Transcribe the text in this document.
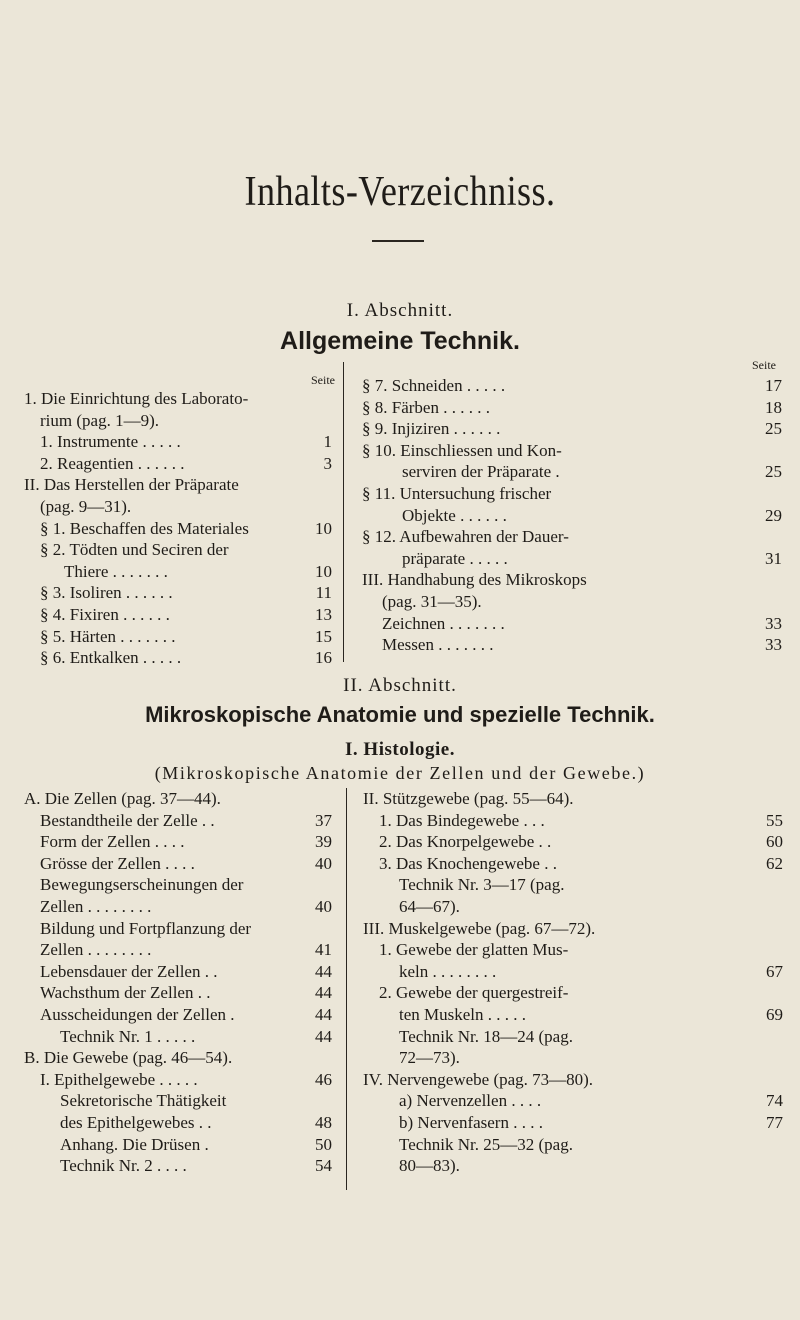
Inhalts-Verzeichniss.
I. Abschnitt.
Allgemeine Technik.
Seite
Seite
1. Die Einrichtung des Laborato-
rium (pag. 1—9).
1. Instrumente . . . . .	1
2. Reagentien . . . . . .	3
II. Das Herstellen der Präparate
(pag. 9—31).
§ 1. Beschaffen des Materiales	10
§ 2. Tödten und Seciren der
Thiere . . . . . . .	10
§ 3. Isoliren . . . . . .	11
§ 4. Fixiren . . . . . .	13
§ 5. Härten . . . . . . .	15
§ 6. Entkalken . . . . .	16
§ 7. Schneiden . . . . .	17
§ 8. Färben . . . . . .	18
§ 9. Injiziren . . . . . .	25
§ 10. Einschliessen und Kon-
serviren der Präparate .	25
§ 11. Untersuchung frischer
Objekte . . . . . .	29
§ 12. Aufbewahren der Dauer-
präparate . . . . .	31
III. Handhabung des Mikroskops
(pag. 31—35).
Zeichnen . . . . . . .	33
Messen . . . . . . .	33
II. Abschnitt.
Mikroskopische Anatomie und spezielle Technik.
I. Histologie.
(Mikroskopische Anatomie der Zellen und der Gewebe.)
A. Die Zellen (pag. 37—44).
Bestandtheile der Zelle . .	37
Form der Zellen . . . .	39
Grösse der Zellen . . . .	40
Bewegungserscheinungen der
Zellen . . . . . . . .	40
Bildung und Fortpflanzung der
Zellen . . . . . . . .	41
Lebensdauer der Zellen . .	44
Wachsthum der Zellen . .	44
Ausscheidungen der Zellen .	44
Technik Nr. 1 . . . . .	44
B. Die Gewebe (pag. 46—54).
I. Epithelgewebe . . . . .	46
Sekretorische Thätigkeit
des Epithelgewebes . .	48
Anhang. Die Drüsen .	50
Technik Nr. 2 . . . .	54
II. Stützgewebe (pag. 55—64).
1. Das Bindegewebe . . .	55
2. Das Knorpelgewebe . .	60
3. Das Knochengewebe . .	62
Technik Nr. 3—17 (pag.
64—67).
III. Muskelgewebe (pag. 67—72).
1. Gewebe der glatten Mus-
keln . . . . . . . .	67
2. Gewebe der quergestreif-
ten Muskeln . . . . .	69
Technik Nr. 18—24 (pag.
72—73).
IV. Nervengewebe (pag. 73—80).
a) Nervenzellen . . . .	74
b) Nervenfasern . . . .	77
Technik Nr. 25—32 (pag.
80—83).
